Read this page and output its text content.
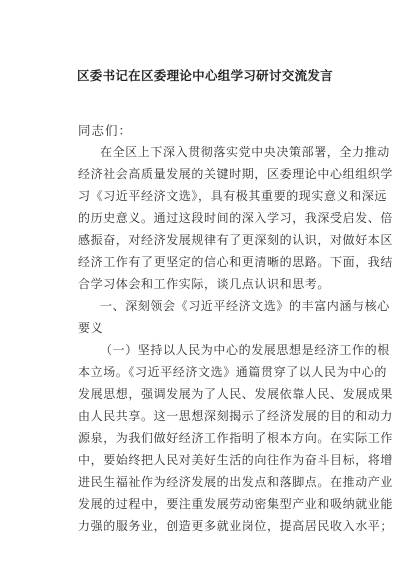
区委书记在区委理论中心组学习研讨交流发言
同志们：
在全区上下深入贯彻落实党中央决策部署，全力推动
经济社会高质量发展的关键时期，区委理论中心组组织学
习《习近平经济文选》，具有极其重要的现实意义和深远
的历史意义。通过这段时间的深入学习，我深受启发、倍
感振奋，对经济发展规律有了更深刻的认识，对做好本区
经济工作有了更坚定的信心和更清晰的思路。下面，我结
合学习体会和工作实际，谈几点认识和思考。
一、深刻领会《习近平经济文选》的丰富内涵与核心
要义
（一）坚持以人民为中心的发展思想是经济工作的根
本立场。《习近平经济文选》通篇贯穿了以人民为中心的
发展思想，强调发展为了人民、发展依靠人民、发展成果
由人民共享。这一思想深刻揭示了经济发展的目的和动力
源泉，为我们做好经济工作指明了根本方向。在实际工作
中，要始终把人民对美好生活的向往作为奋斗目标，将增
进民生福祉作为经济发展的出发点和落脚点。在推动产业
发展的过程中，要注重发展劳动密集型产业和吸纳就业能
力强的服务业，创造更多就业岗位，提高居民收入水平；
